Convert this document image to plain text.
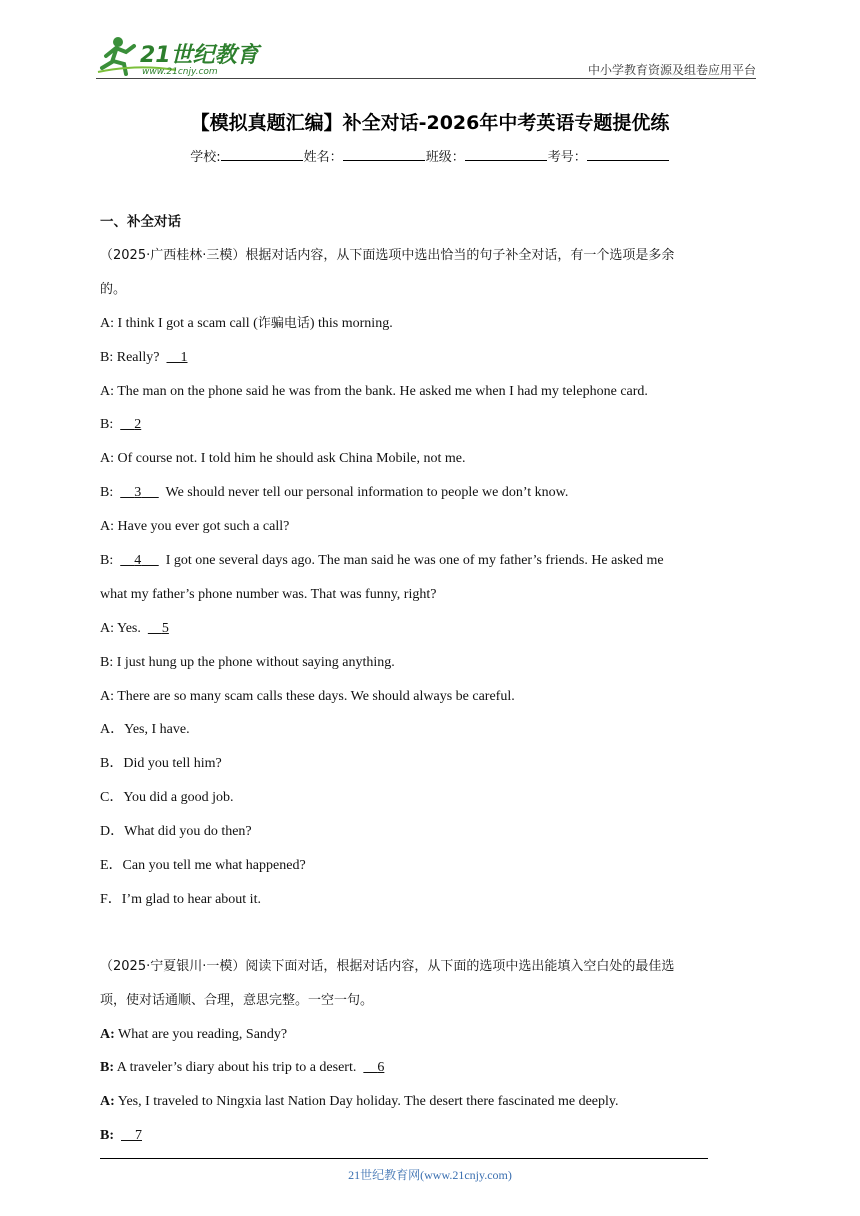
21世纪教育
www.21cnjy.com	中小学教育资源及组卷应用平台
【模拟真题汇编】补全对话-2026年中考英语专题提优练
学校:	姓名：	班级：	考号：
一、补全对话
（2025·广西桂林·三模）根据对话内容，从下面选项中选出恰当的句子补全对话，有一个选项是多余
的。
A: I think I got a scam call (诈骗电话) this morning.
B: Really? 1
A: The man on the phone said he was from the bank. He asked me when I had my telephone card.
B: 2
A: Of course not. I told him he should ask China Mobile, not me.
B: 3 We should never tell our personal information to people we don’t know.
A: Have you ever got such a call?
B: 4 I got one several days ago. The man said he was one of my father’s friends. He asked me
what my father’s phone number was. That was funny, right?
A: Yes. 5
B: I just hung up the phone without saying anything.
A: There are so many scam calls these days. We should always be careful.
A．Yes, I have.
B．Did you tell him?
C．You did a good job.
D．What did you do then?
E．Can you tell me what happened?
F．I’m glad to hear about it.
（2025·宁夏银川·一模）阅读下面对话，根据对话内容，从下面的选项中选出能填入空白处的最佳选
项，使对话通顺、合理，意思完整。一空一句。
A: What are you reading, Sandy?
B: A traveler’s diary about his trip to a desert. 6
A: Yes, I traveled to Ningxia last Nation Day holiday. The desert there fascinated me deeply.
B: 7
21世纪教育网(www.21cnjy.com)
